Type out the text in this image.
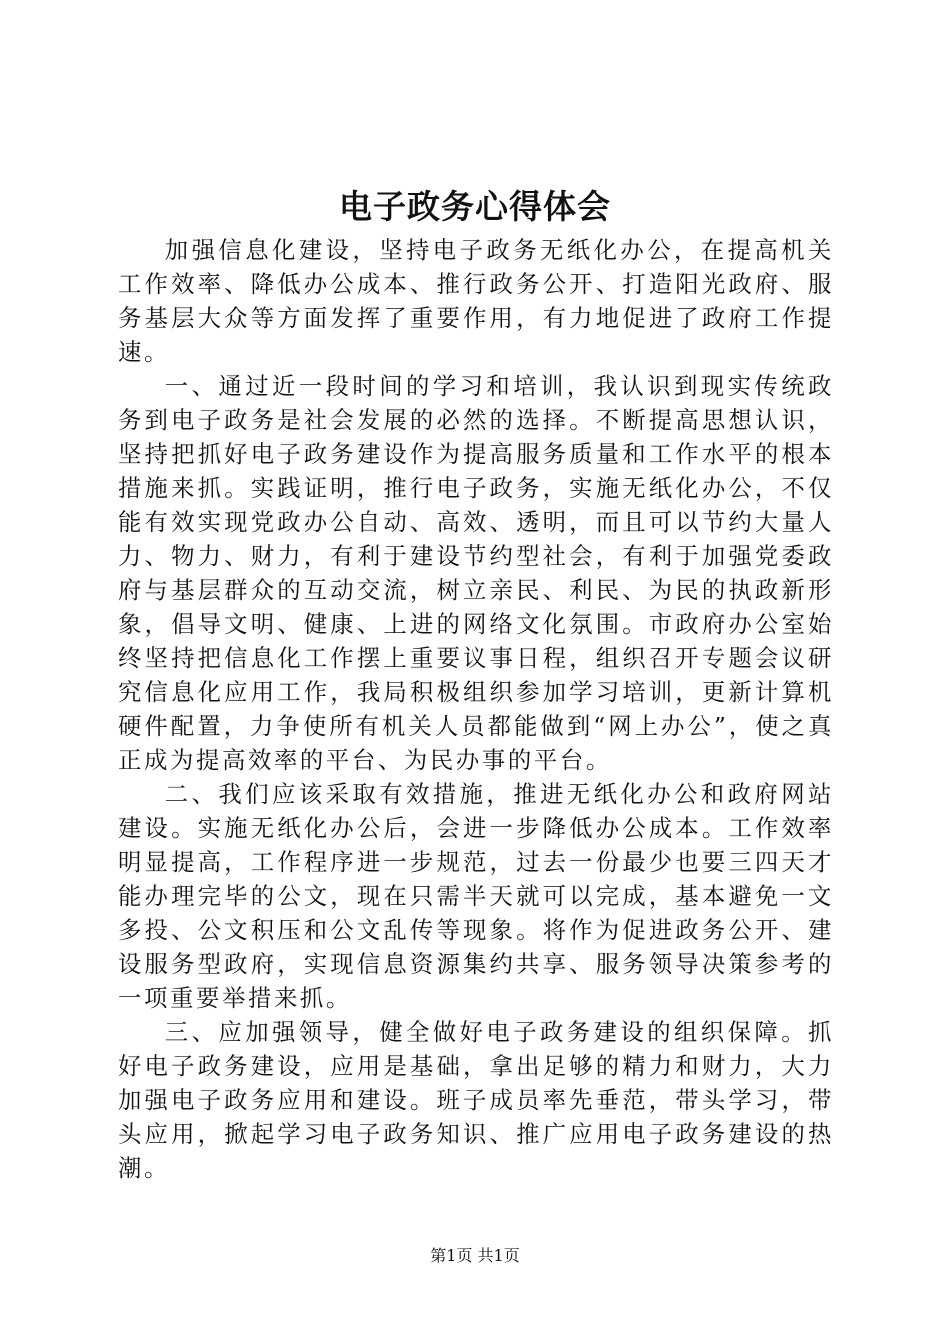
电子政务心得体会

加强信息化建设，坚持电子政务无纸化办公，在提高机关工作效率、降低办公成本、推行政务公开、打造阳光政府、服务基层大众等方面发挥了重要作用，有力地促进了政府工作提速。

一、通过近一段时间的学习和培训，我认识到现实传统政务到电子政务是社会发展的必然的选择。不断提高思想认识，坚持把抓好电子政务建设作为提高服务质量和工作水平的根本措施来抓。实践证明，推行电子政务，实施无纸化办公，不仅能有效实现党政办公自动、高效、透明，而且可以节约大量人力、物力、财力，有利于建设节约型社会，有利于加强党委政府与基层群众的互动交流，树立亲民、利民、为民的执政新形象，倡导文明、健康、上进的网络文化氛围。市政府办公室始终坚持把信息化工作摆上重要议事日程，组织召开专题会议研究信息化应用工作，我局积极组织参加学习培训，更新计算机硬件配置，力争使所有机关人员都能做到“网上办公”，使之真正成为提高效率的平台、为民办事的平台。

二、我们应该采取有效措施，推进无纸化办公和政府网站建设。实施无纸化办公后，会进一步降低办公成本。工作效率明显提高，工作程序进一步规范，过去一份最少也要三四天才能办理完毕的公文，现在只需半天就可以完成，基本避免一文多投、公文积压和公文乱传等现象。将作为促进政务公开、建设服务型政府，实现信息资源集约共享、服务领导决策参考的一项重要举措来抓。

三、应加强领导，健全做好电子政务建设的组织保障。抓好电子政务建设，应用是基础，拿出足够的精力和财力，大力加强电子政务应用和建设。班子成员率先垂范，带头学习，带头应用，掀起学习电子政务知识、推广应用电子政务建设的热潮。

第1页 共1页
